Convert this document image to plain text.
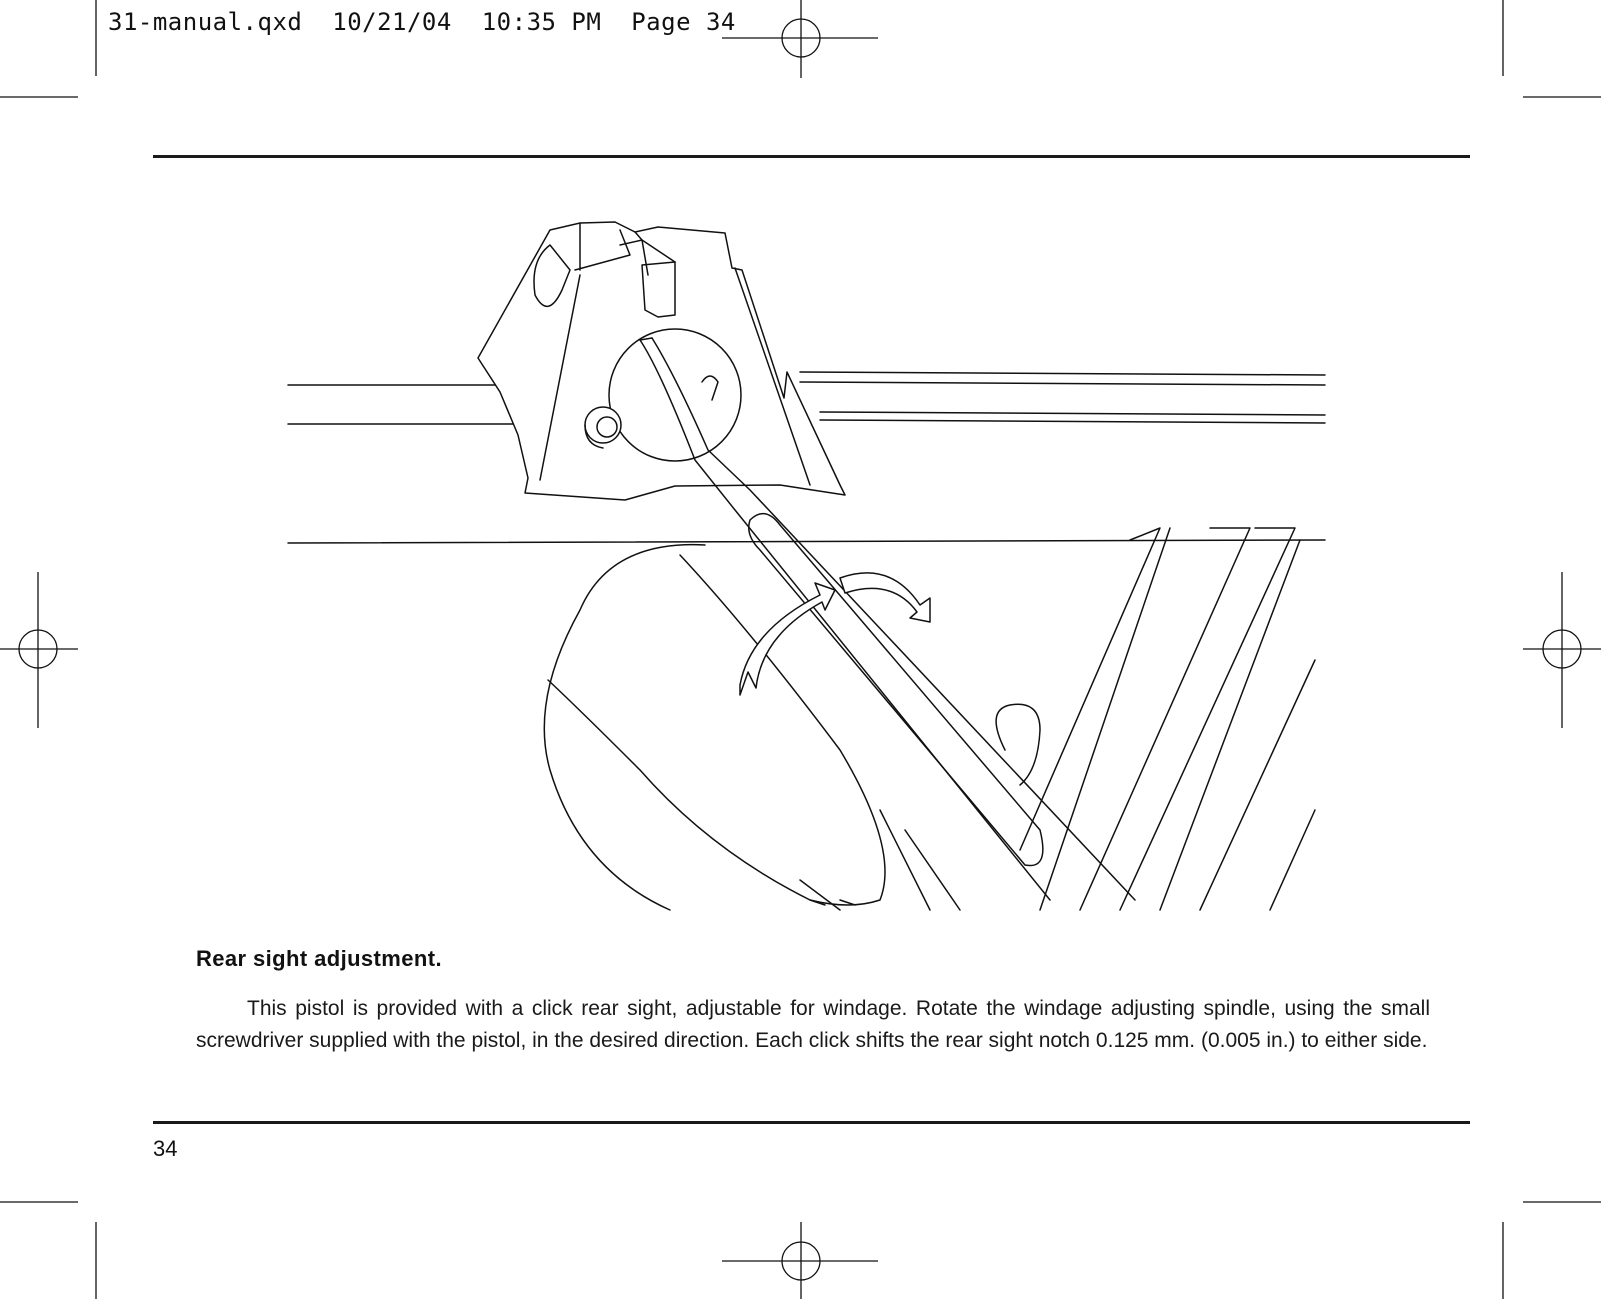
31-manual.qxd  10/21/04  10:35 PM  Page 34
Rear sight adjustment.
This pistol is provided with a click rear sight, adjustable for windage. Rotate the windage adjusting spindle, using the small screwdriver supplied with the pistol, in the desired direction. Each click shifts the rear sight notch 0.125 mm. (0.005 in.) to either side.
34
